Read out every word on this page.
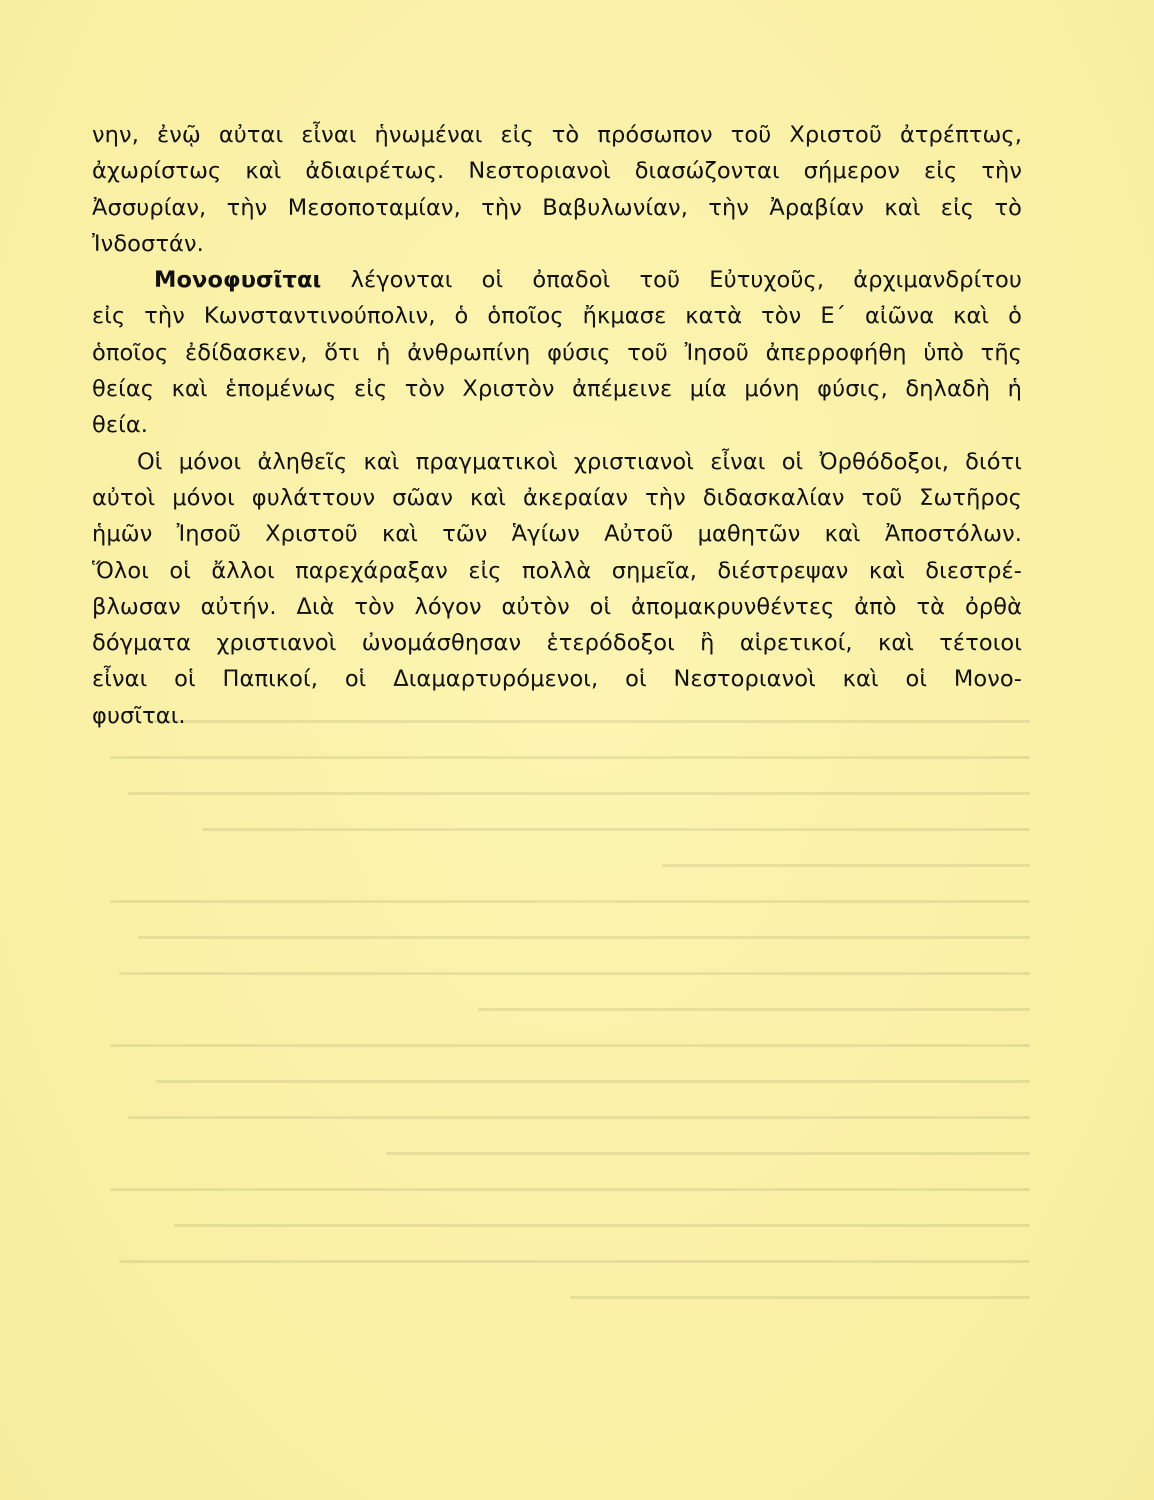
νην, ἐνῷ αὐται εἶναι ἡνωμέναι εἰς τὸ πρόσωπον τοῦ Χριστοῦ ἀτρέπτως,
ἀχωρίστως καὶ ἀδιαιρέτως. Νεστοριανοὶ διασώζονται σήμερον εἰς τὴν
Ἀσσυρίαν, τὴν Μεσοποταμίαν, τὴν Βαβυλωνίαν, τὴν Ἀραβίαν καὶ εἰς τὸ
Ἰνδοστάν.
Μονοφυσῖται λέγονται οἱ ὀπαδοὶ τοῦ Εὐτυχοῦς, ἀρχιμανδρίτου
εἰς τὴν Κωνσταντινούπολιν, ὁ ὁποῖος ἤκμασε κατὰ τὸν Ε΄ αἰῶνα καὶ ὁ
ὁποῖος ἐδίδασκεν, ὅτι ἡ ἀνθρωπίνη φύσις τοῦ Ἰησοῦ ἀπερροφήθη ὑπὸ τῆς
θείας καὶ ἑπομένως εἰς τὸν Χριστὸν ἀπέμεινε μία μόνη φύσις, δηλαδὴ ἡ
θεία.
Οἱ μόνοι ἀληθεῖς καὶ πραγματικοὶ χριστιανοὶ εἶναι οἱ Ὀρθόδοξοι, διότι
αὐτοὶ μόνοι φυλάττουν σῶαν καὶ ἀκεραίαν τὴν διδασκαλίαν τοῦ Σωτῆρος
ἡμῶν Ἰησοῦ Χριστοῦ καὶ τῶν Ἁγίων Αὐτοῦ μαθητῶν καὶ Ἀποστόλων.
Ὅλοι οἱ ἄλλοι παρεχάραξαν εἰς πολλὰ σημεῖα, διέστρεψαν καὶ διεστρέ-
βλωσαν αὐτήν. Διὰ τὸν λόγον αὐτὸν οἱ ἀπομακρυνθέντες ἀπὸ τὰ ὀρθὰ
δόγματα χριστιανοὶ ὠνομάσθησαν ἑτερόδοξοι ἢ αἱρετικοί, καὶ τέτοιοι
εἶναι οἱ Παπικοί, οἱ Διαμαρτυρόμενοι, οἱ Νεστοριανοὶ καὶ οἱ Μονο-
φυσῖται.
